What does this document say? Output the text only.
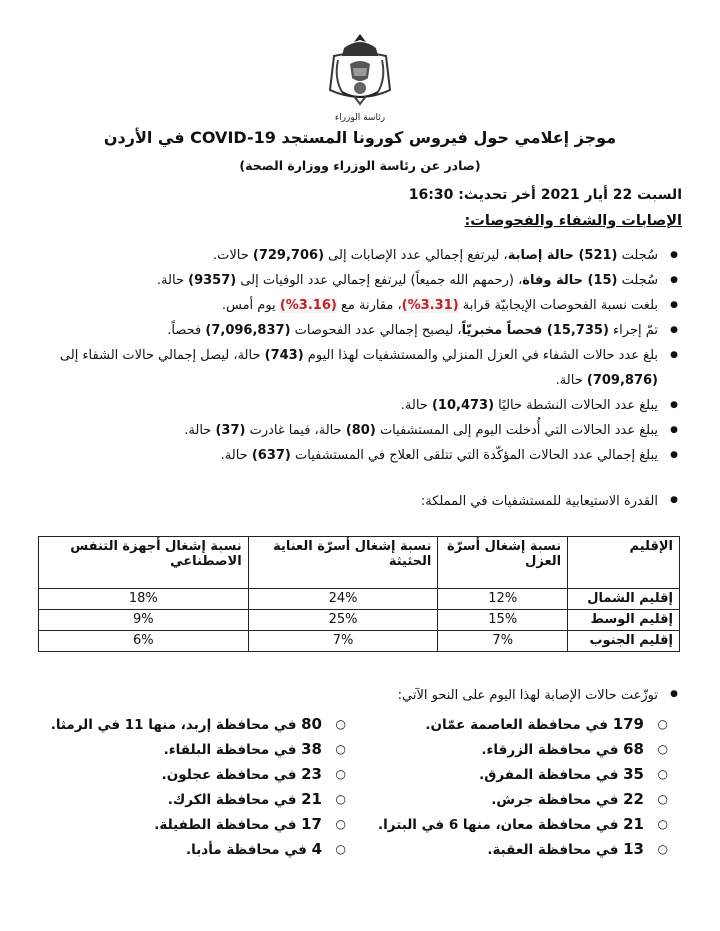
رئاسة الوزراء
موجز إعلامي حول فيروس كورونا المستجد COVID-19 في الأردن
(صادر عن رئاسة الوزراء ووزارة الصحة)
السبت 22 أيار 2021 أخر تحديث: 16:30
الإصابات والشفاء والفحوصات:
● سُجلت (521) حالة إصابة، ليرتفع إجمالي عدد الإصابات إلى (729,706) حالات.
● سُجلت (15) حالة وفاة، (رحمهم الله جميعاً) ليرتفع إجمالي عدد الوفيات إلى (9357) حالة.
● بلغت نسبة الفحوصات الإيجابيّة قرابة (3.31%)، مقارنة مع (3.16%) يوم أمس.
● تمّ إجراء (15,735) فحصاً مخبريّاً، ليصبح إجمالي عدد الفحوصات (7,096,837) فحصاً.
● بلغ عدد حالات الشفاء في العزل المنزلي والمستشفيات لهذا اليوم (743) حالة، ليصل إجمالي حالات الشفاء إلى (709,876) حالة.
● يبلغ عدد الحالات النشطة حاليًا (10,473) حالة.
● يبلغ عدد الحالات التي أُدخلت اليوم إلى المستشفيات (80) حالة، فيما غادرت (37) حالة.
● يبلغ إجمالي عدد الحالات المؤكّدة التي تتلقى العلاج في المستشفيات (637) حالة.
● القدرة الاستيعابية للمستشفيات في المملكة:
الإقليم	نسبة إشغال أسرّة العزل	نسبة إشغال أسرّة العناية الحثيثة	نسبة إشغال أجهزة التنفس الاصطناعي
إقليم الشمال	12%	24%	18%
إقليم الوسط	15%	25%	9%
إقليم الجنوب	7%	7%	6%
● توزّعت حالات الإصابة لهذا اليوم على النحو الآتي:
○ 179 في محافظة العاصمة عمّان.
○ 68 في محافظة الزرقاء.
○ 35 في محافظة المفرق.
○ 22 في محافظة جرش.
○ 21 في محافظة معان، منها 6 في البترا.
○ 13 في محافظة العقبة.
○ 80 في محافظة إربد، منها 11 في الرمثا.
○ 38 في محافظة البلقاء.
○ 23 في محافظة عجلون.
○ 21 في محافظة الكرك.
○ 17 في محافظة الطفيلة.
○ 4 في محافظة مأدبا.
